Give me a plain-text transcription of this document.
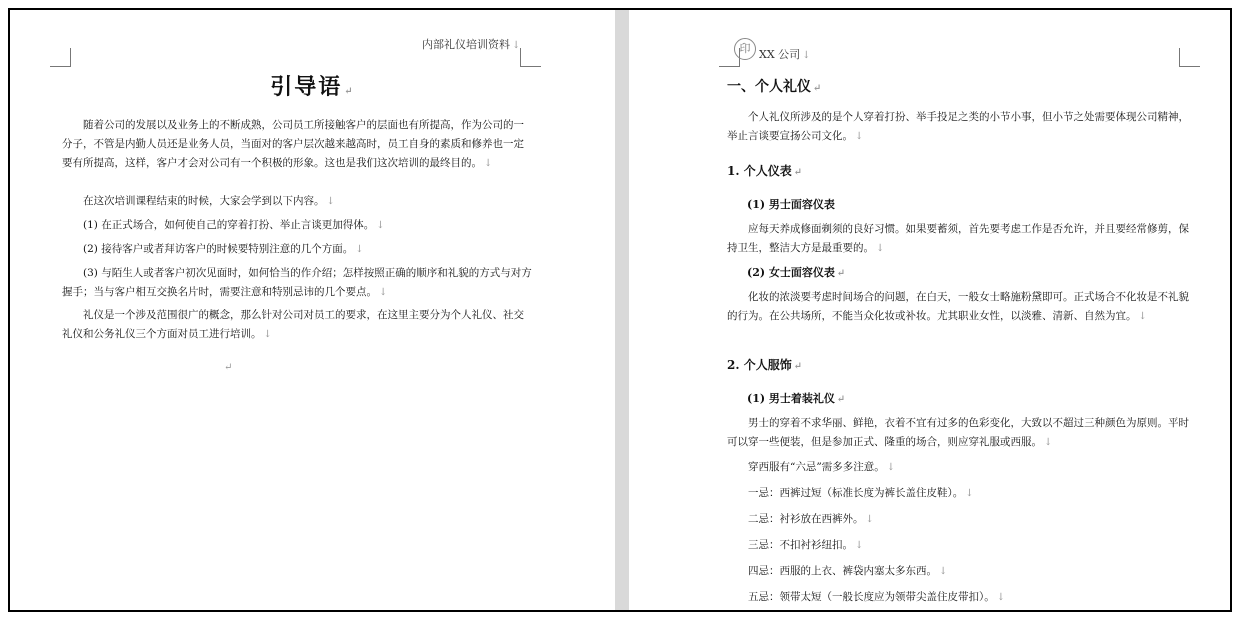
内部礼仪培训资料 ↓
引导语 ↵

随着公司的发展以及业务上的不断成熟，公司员工所接触客户的层面也有所提高，作为公司的一分子，不管是内勤人员还是业务人员，当面对的客户层次越来越高时，员工自身的素质和修养也一定要有所提高，这样，客户才会对公司有一个积极的形象。这也是我们这次培训的最终目的。 ↓

在这次培训课程结束的时候，大家会学到以下内容。 ↓

(1) 在正式场合，如何使自己的穿着打扮、举止言谈更加得体。 ↓

(2) 接待客户或者拜访客户的时候要特别注意的几个方面。 ↓

(3) 与陌生人或者客户初次见面时，如何恰当的作介绍；怎样按照正确的顺序和礼貌的方式与对方握手；当与客户相互交换名片时，需要注意和特别忌讳的几个要点。 ↓

礼仪是一个涉及范围很广的概念，那么针对公司对员工的要求，在这里主要分为个人礼仪、社交礼仪和公务礼仪三个方面对员工进行培训。 ↓

↵
印 XX 公司 ↓
一、个人礼仪 ↵

个人礼仪所涉及的是个人穿着打扮、举手投足之类的小节小事，但小节之处需要体现公司精神，举止言谈要宣扬公司文化。 ↓

1. 个人仪表 ↵
(1) 男士面容仪表

应每天养成修面剃须的良好习惯。如果要蓄须，首先要考虑工作是否允许，并且要经常修剪，保持卫生，整洁大方是最重要的。 ↓

(2) 女士面容仪表 ↵

化妆的浓淡要考虑时间场合的问题，在白天，一般女士略施粉黛即可。正式场合不化妆是不礼貌的行为。在公共场所，不能当众化妆或补妆。尤其职业女性，以淡雅、清新、自然为宜。 ↓

2. 个人服饰 ↵
(1) 男士着装礼仪 ↵

男士的穿着不求华丽、鲜艳，衣着不宜有过多的色彩变化，大致以不超过三种颜色为原则。平时可以穿一些便装，但是参加正式、隆重的场合，则应穿礼服或西服。 ↓

穿西服有“六忌”需多多注意。 ↓

一忌：西裤过短（标准长度为裤长盖住皮鞋）。 ↓

二忌：衬衫放在西裤外。 ↓

三忌：不扣衬衫纽扣。 ↓

四忌：西服的上衣、裤袋内塞太多东西。 ↓

五忌：领带太短（一般长度应为领带尖盖住皮带扣）。 ↓
